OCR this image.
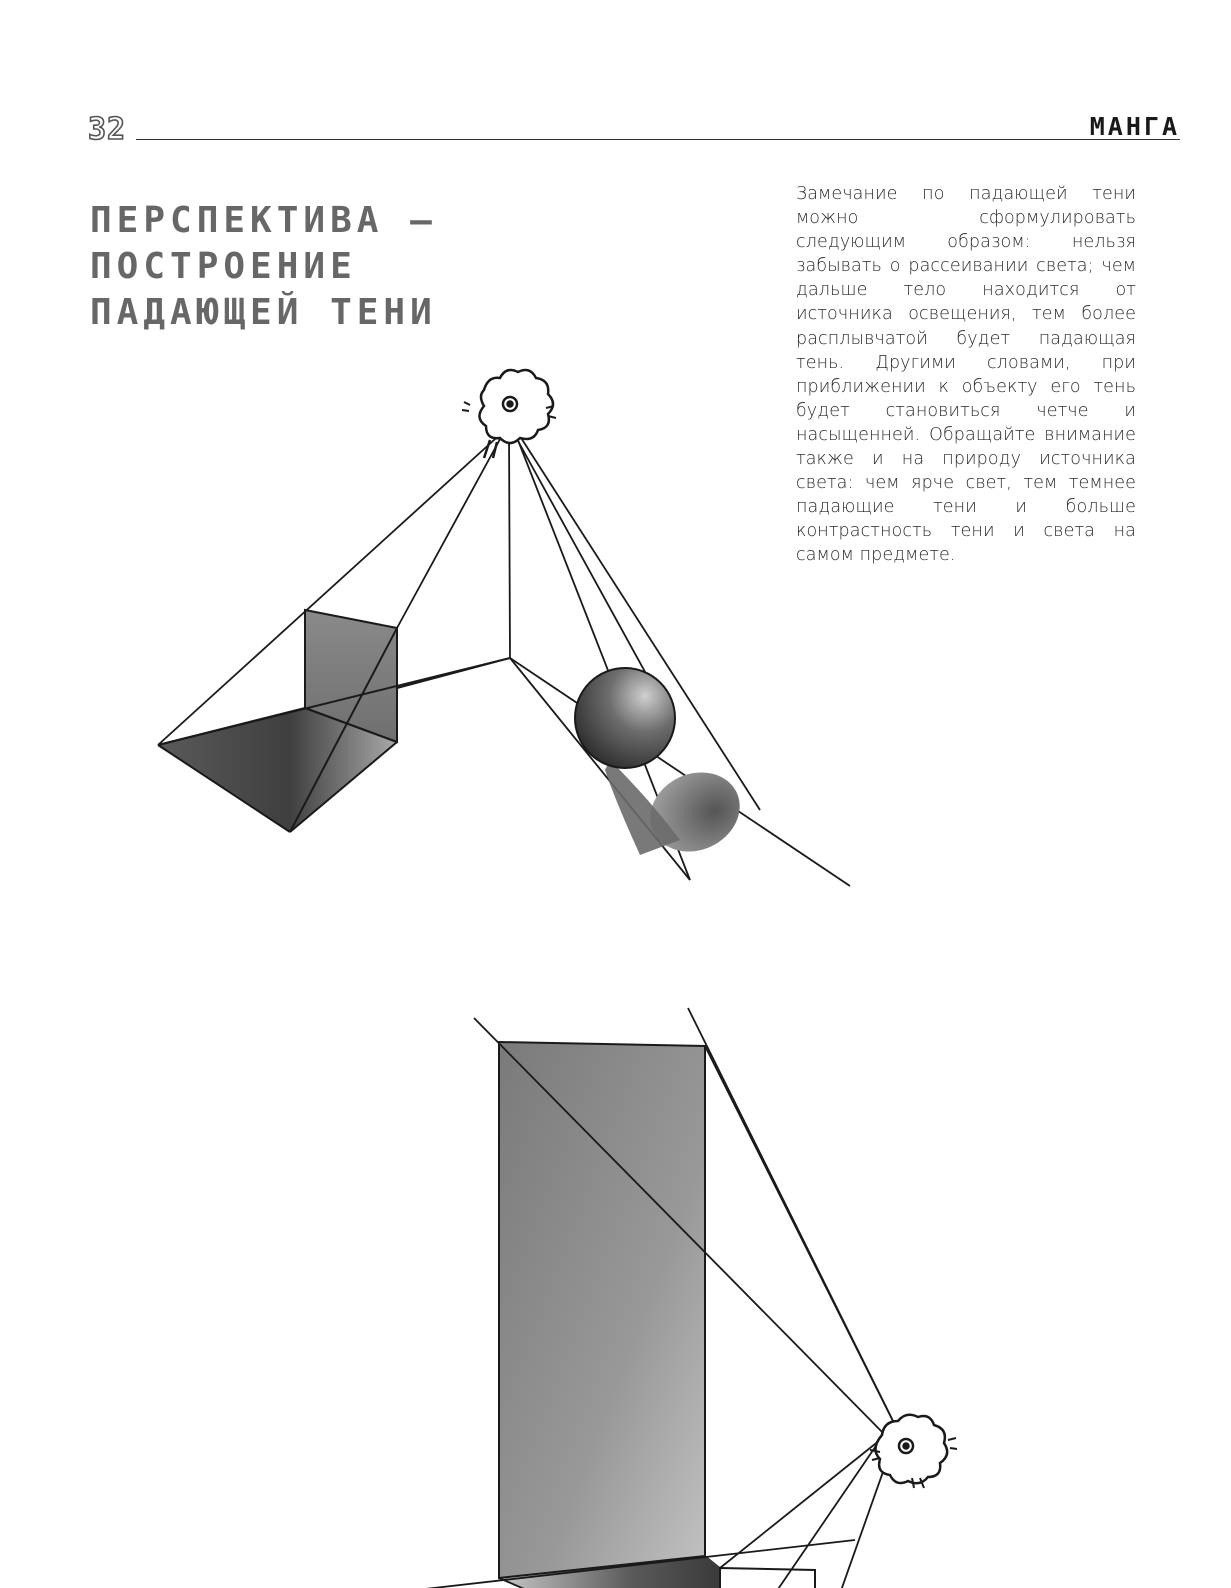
32	МАНГА
ПЕРСПЕКТИВА – ПОСТРОЕНИЕ ПАДАЮЩЕЙ ТЕНИ

Замечание по падающей тени можно сформулировать следующим образом: нельзя забывать о рассеивании света; чем дальше тело находится от источника освещения, тем более расплывчатой будет падающая тень. Другими словами, при приближении к объекту его тень будет становиться четче и насыщенней. Обращайте внимание также и на природу источника света: чем ярче свет, тем темнее падающие тени и больше контрастность тени и света на самом предмете.
